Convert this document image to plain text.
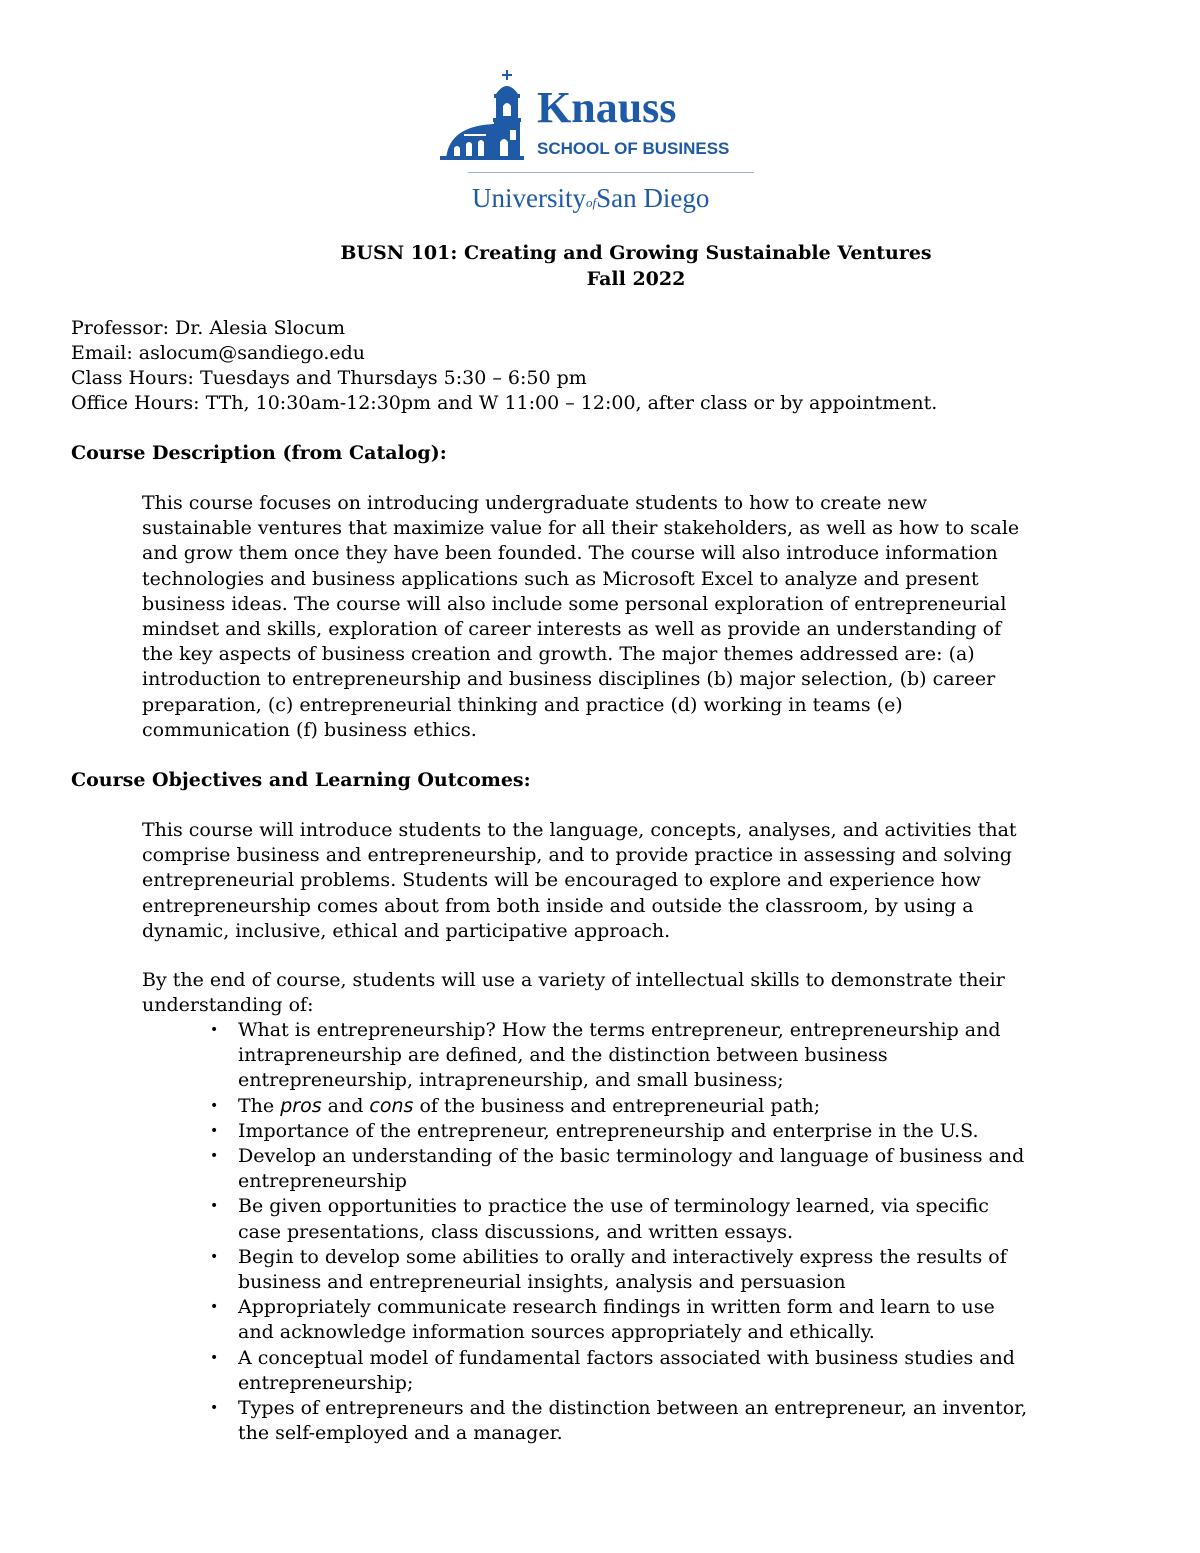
Knauss
SCHOOL OF BUSINESS
UniversityofSan Diego

BUSN 101: Creating and Growing Sustainable Ventures

Fall 2022

Professor: Dr. Alesia Slocum
Email: aslocum@sandiego.edu
Class Hours: Tuesdays and Thursdays 5:30 – 6:50 pm
Office Hours: TTh, 10:30am-12:30pm and W 11:00 – 12:00, after class or by appointment.
Course Description (from Catalog):
This course focuses on introducing undergraduate students to how to create new
sustainable ventures that maximize value for all their stakeholders, as well as how to scale
and grow them once they have been founded. The course will also introduce information
technologies and business applications such as Microsoft Excel to analyze and present
business ideas. The course will also include some personal exploration of entrepreneurial
mindset and skills, exploration of career interests as well as provide an understanding of
the key aspects of business creation and growth. The major themes addressed are: (a)
introduction to entrepreneurship and business disciplines (b) major selection, (b) career
preparation, (c) entrepreneurial thinking and practice (d) working in teams (e)
communication (f) business ethics.
Course Objectives and Learning Outcomes:
This course will introduce students to the language, concepts, analyses, and activities that
comprise business and entrepreneurship, and to provide practice in assessing and solving
entrepreneurial problems. Students will be encouraged to explore and experience how
entrepreneurship comes about from both inside and outside the classroom, by using a
dynamic, inclusive, ethical and participative approach.
By the end of course, students will use a variety of intellectual skills to demonstrate their
understanding of:
• What is entrepreneurship? How the terms entrepreneur, entrepreneurship and
intrapreneurship are defined, and the distinction between business
entrepreneurship, intrapreneurship, and small business;
• The pros and cons of the business and entrepreneurial path;
• Importance of the entrepreneur, entrepreneurship and enterprise in the U.S.
• Develop an understanding of the basic terminology and language of business and
entrepreneurship
• Be given opportunities to practice the use of terminology learned, via specific
case presentations, class discussions, and written essays.
• Begin to develop some abilities to orally and interactively express the results of
business and entrepreneurial insights, analysis and persuasion
• Appropriately communicate research findings in written form and learn to use
and acknowledge information sources appropriately and ethically.
• A conceptual model of fundamental factors associated with business studies and
entrepreneurship;
• Types of entrepreneurs and the distinction between an entrepreneur, an inventor,
the self-employed and a manager.
